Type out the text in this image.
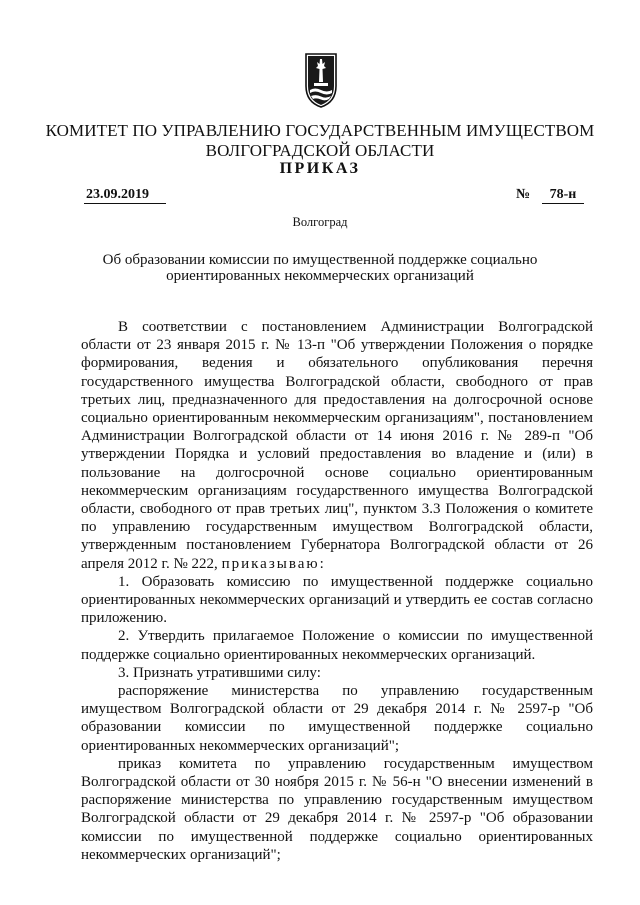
КОМИТЕТ ПО УПРАВЛЕНИЮ ГОСУДАРСТВЕННЫМ ИМУЩЕСТВОМ
ВОЛГОГРАДСКОЙ ОБЛАСТИ
ПРИКАЗ
23.09.2019	№	78-н
Волгоград
Об образовании комиссии по имущественной поддержке социально ориентированных некоммерческих организаций

В соответствии с постановлением Администрации Волгоградской области от 23 января 2015 г. № 13-п "Об утверждении Положения о порядке формирования, ведения и обязательного опубликования перечня государственного имущества Волгоградской области, свободного от прав третьих лиц, предназначенного для предоставления на долгосрочной основе социально ориентированным некоммерческим организациям", постановлением Администрации Волгоградской области от 14 июня 2016 г. № 289-п "Об утверждении Порядка и условий предоставления во владение и (или) в пользование на долгосрочной основе социально ориентированным некоммерческим организациям государственного имущества Волгоградской области, свободного от прав третьих лиц", пунктом 3.3 Положения о комитете по управлению государственным имуществом Волгоградской области, утвержденным постановлением Губернатора Волгоградской области от 26 апреля 2012 г. № 222, приказываю:

1. Образовать комиссию по имущественной поддержке социально ориентированных некоммерческих организаций и утвердить ее состав согласно приложению.

2. Утвердить прилагаемое Положение о комиссии по имущественной поддержке социально ориентированных некоммерческих организаций.

3. Признать утратившими силу:

распоряжение министерства по управлению государственным имуществом Волгоградской области от 29 декабря 2014 г. № 2597-р "Об образовании комиссии по имущественной поддержке социально ориентированных некоммерческих организаций";

приказ комитета по управлению государственным имуществом Волгоградской области от 30 ноября 2015 г. № 56-н "О внесении изменений в распоряжение министерства по управлению государственным имуществом Волгоградской области от 29 декабря 2014 г. № 2597-р "Об образовании комиссии по имущественной поддержке социально ориентированных некоммерческих организаций";
